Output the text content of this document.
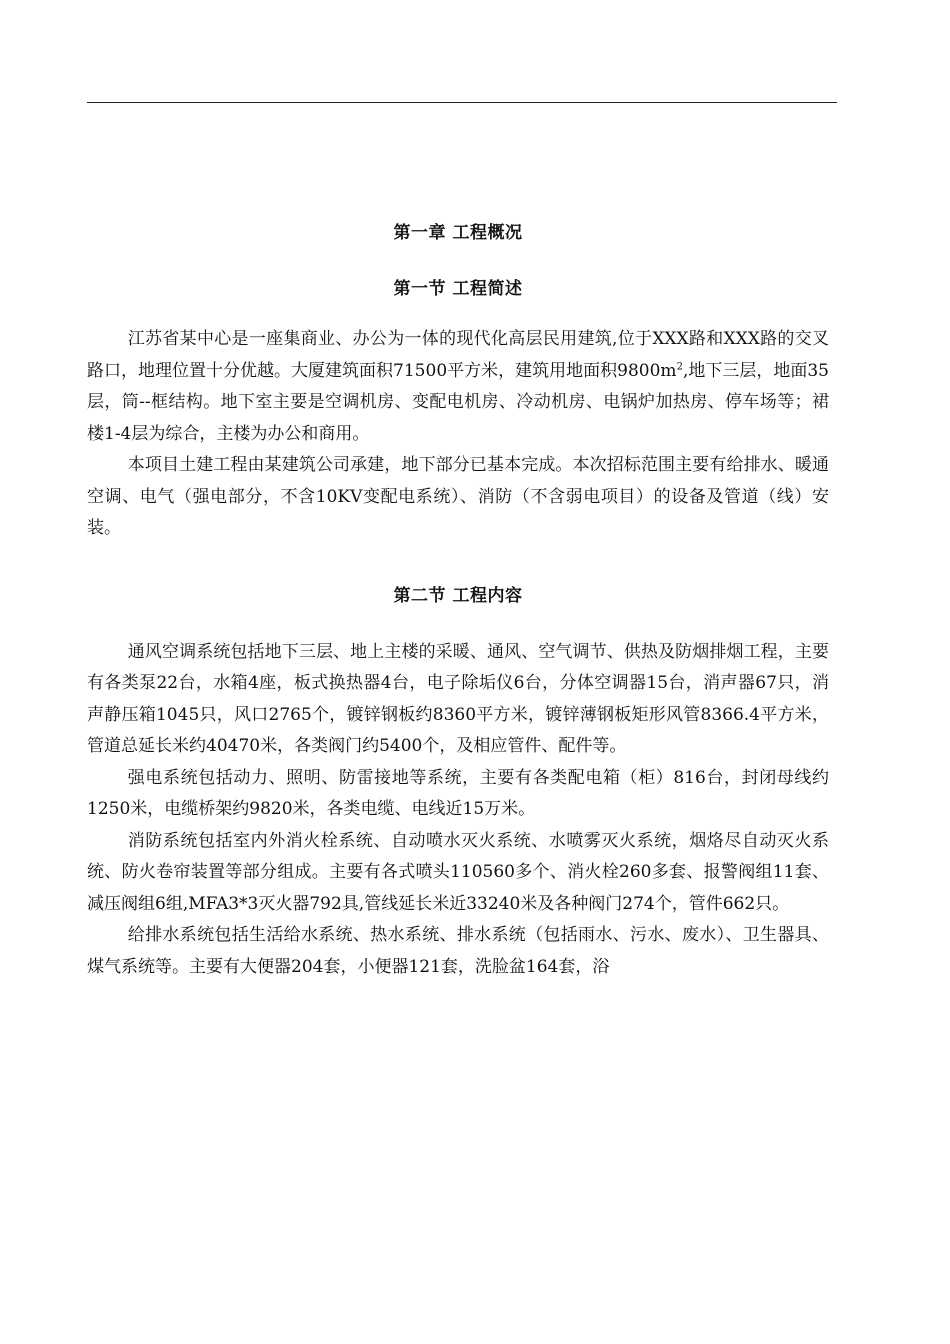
第一章 工程概况
第一节 工程简述

江苏省某中心是一座集商业、办公为一体的现代化高层民用建筑,位于XXX路和XXX路的交叉路口，地理位置十分优越。大厦建筑面积71500平方米，建筑用地面积$9800m^2$,地下三层，地面35层，筒--框结构。地下室主要是空调机房、变配电机房、冷动机房、电锅炉加热房、停车场等；裙楼1-4层为综合，主楼为办公和商用。

本项目土建工程由某建筑公司承建，地下部分已基本完成。本次招标范围主要有给排水、暖通空调、电气（强电部分，不含10KV变配电系统）、消防（不含弱电项目）的设备及管道（线）安装。

第二节 工程内容

通风空调系统包括地下三层、地上主楼的采暖、通风、空气调节、供热及防烟排烟工程，主要有各类泵22台，水箱4座，板式换热器4台，电子除垢仪6台，分体空调器15台，消声器67只，消声静压箱1045只，风口2765个，镀锌钢板约8360平方米，镀锌薄钢板矩形风管8366.4平方米，管道总延长米约40470米，各类阀门约5400个，及相应管件、配件等。

强电系统包括动力、照明、防雷接地等系统，主要有各类配电箱（柜）816台，封闭母线约1250米，电缆桥架约9820米，各类电缆、电线近15万米。

消防系统包括室内外消火栓系统、自动喷水灭火系统、水喷雾灭火系统，烟烙尽自动灭火系统、防火卷帘装置等部分组成。主要有各式喷头110560多个、消火栓260多套、报警阀组11套、减压阀组6组,MFA3*3灭火器792具,管线延长米近33240米及各种阀门274个，管件662只。

给排水系统包括生活给水系统、热水系统、排水系统（包括雨水、污水、废水）、卫生器具、煤气系统等。主要有大便器204套，小便器121套，洗脸盆164套，浴
